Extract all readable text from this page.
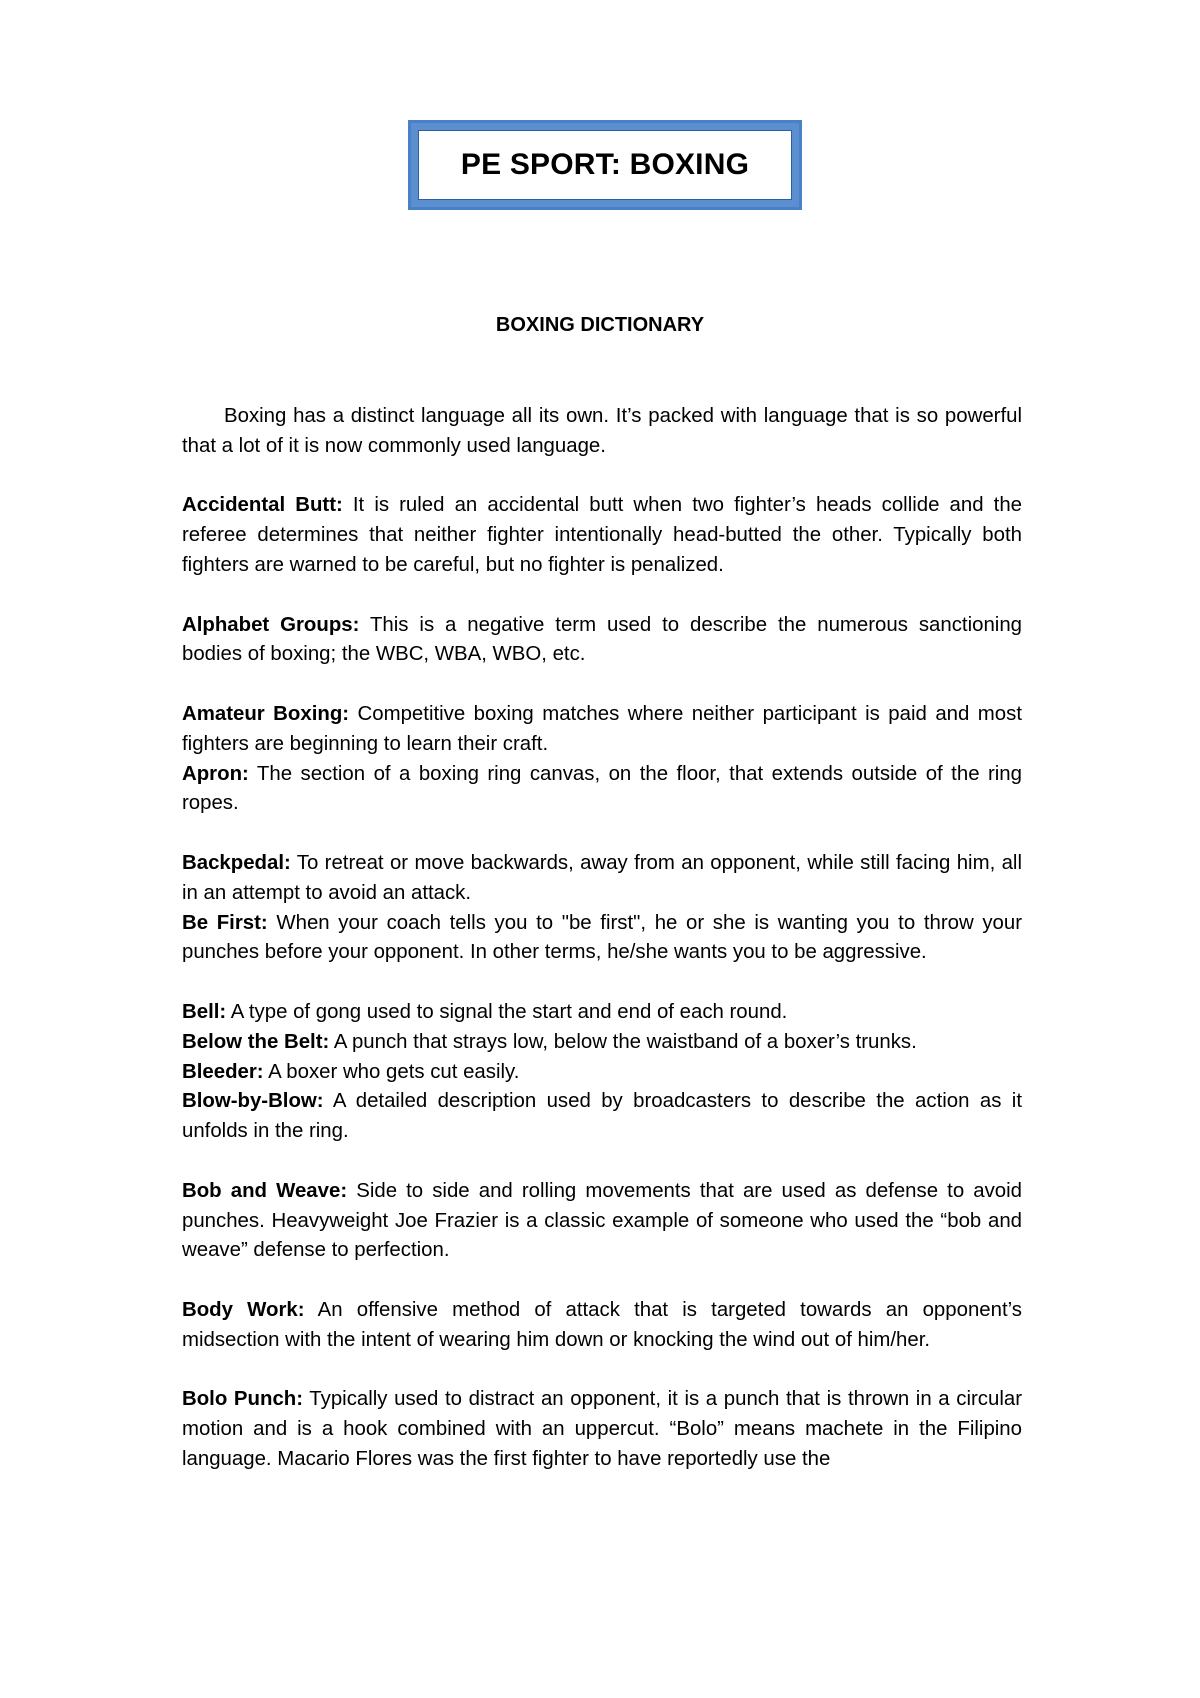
PE SPORT: BOXING
BOXING DICTIONARY

Boxing has a distinct language all its own. It’s packed with language that is so powerful that a lot of it is now commonly used language.

Accidental Butt: It is ruled an accidental butt when two fighter’s heads collide and the referee determines that neither fighter intentionally head-butted the other. Typically both fighters are warned to be careful, but no fighter is penalized.

Alphabet Groups: This is a negative term used to describe the numerous sanctioning bodies of boxing; the WBC, WBA, WBO, etc.

Amateur Boxing: Competitive boxing matches where neither participant is paid and most fighters are beginning to learn their craft.

Apron: The section of a boxing ring canvas, on the floor, that extends outside of the ring ropes.

Backpedal: To retreat or move backwards, away from an opponent, while still facing him, all in an attempt to avoid an attack.

Be First: When your coach tells you to "be first", he or she is wanting you to throw your punches before your opponent. In other terms, he/she wants you to be aggressive.

Bell: A type of gong used to signal the start and end of each round.

Below the Belt: A punch that strays low, below the waistband of a boxer’s trunks.

Bleeder: A boxer who gets cut easily.

Blow-by-Blow: A detailed description used by broadcasters to describe the action as it unfolds in the ring.

Bob and Weave: Side to side and rolling movements that are used as defense to avoid punches. Heavyweight Joe Frazier is a classic example of someone who used the “bob and weave” defense to perfection.

Body Work: An offensive method of attack that is targeted towards an opponent’s midsection with the intent of wearing him down or knocking the wind out of him/her.

Bolo Punch: Typically used to distract an opponent, it is a punch that is thrown in a circular motion and is a hook combined with an uppercut. “Bolo” means machete in the Filipino language. Macario Flores was the first fighter to have reportedly use the
